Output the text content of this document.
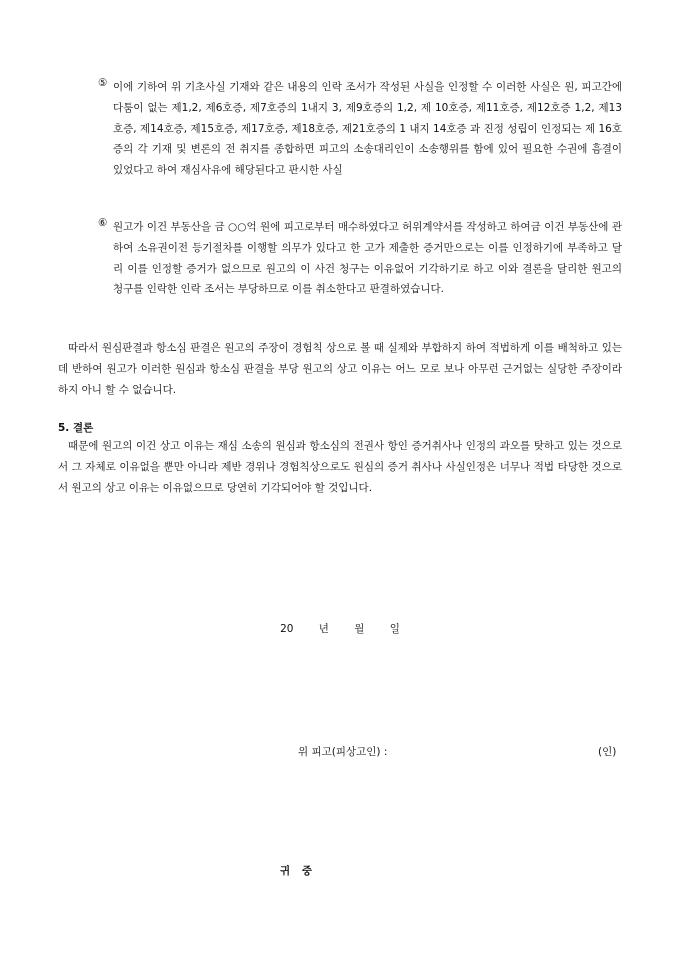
⑤ 이에 기하여 위 기초사실 기재와 같은 내용의 인락 조서가 작성된 사실을 인정할 수 이러한 사실은 원, 피고간에 다툼이 없는 제1,2, 제6호증, 제7호증의 1내지 3, 제9호증의 1,2, 제 10호증, 제11호증, 제12호증 1,2, 제13호증, 제14호증, 제15호증, 제17호증, 제18호증, 제21호증의 1 내지 14호증 과 진정 성립이 인정되는 제 16호증의 각 기재 및 변론의 전 취지를 종합하면 피고의 소송대리인이 소송행위를 함에 있어 필요한 수권에 흠결이 있었다고 하여 재심사유에 해당된다고 판시한 사실
⑥ 원고가 이건 부동산을 금 ○○억 원에 피고로부터 매수하였다고 허위계약서를 작성하고 하여금 이건 부동산에 관하여 소유권이전 등기절차를 이행할 의무가 있다고 한 고가 제출한 증거만으로는 이를 인정하기에 부족하고 달리 이를 인정할 증거가 없으므로 원고의 이 사건 청구는 이유없어 기각하기로 하고 이와 결론을 달리한 원고의 청구를 인락한 인락 조서는 부당하므로 이를 취소한다고 판결하였습니다.

따라서 원심판결과 항소심 판결은 원고의 주장이 경험칙 상으로 볼 때 실제와 부합하지 하여 적법하게 이를 배척하고 있는데 반하여 원고가 이러한 원심과 항소심 판결을 부당 원고의 상고 이유는 어느 모로 보나 아무런 근거없는 실당한 주장이라 하지 아니 할 수 없습니다.

5. 결론

때문에 원고의 이건 상고 이유는 재심 소송의 원심과 항소심의 전권사 항인 증거취사나 인정의 과오를 탓하고 있는 것으로서 그 자체로 이유없을 뿐만 아니라 제반 경위나 경험칙상으로도 원심의 증거 취사나 사실인정은 너무나 적법 타당한 것으로서 원고의 상고 이유는 이유없으므로 당연히 기각되어야 할 것입니다.

20 년 월 일
위 피고(피상고인) :	(인)
귀 중
